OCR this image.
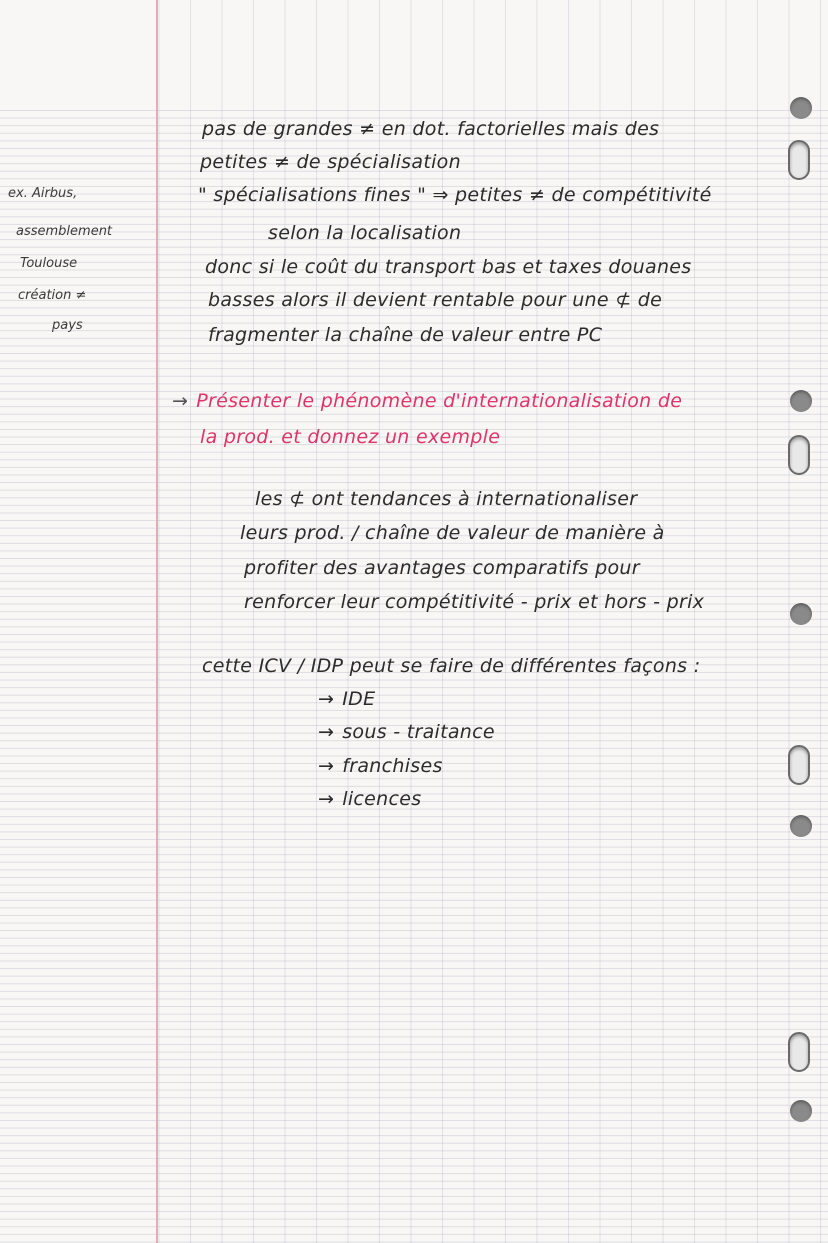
ex. Airbus,
assemblement
Toulouse
création ≠
pays
pas de grandes ≠ en dot. factorielles mais des
petites ≠ de spécialisation
" spécialisations fines " ⇒ petites ≠ de compétitivité
selon la localisation
donc si le coût du transport bas et taxes douanes
basses alors il devient rentable pour une ⊄ de
fragmenter la chaîne de valeur entre PC
→ Présenter le phénomène d'internationalisation de
la prod. et donnez un exemple
les ⊄ ont tendances à internationaliser
leurs prod. / chaîne de valeur de manière à
profiter des avantages comparatifs pour
renforcer leur compétitivité - prix et hors - prix
cette ICV / IDP peut se faire de différentes façons :
→ IDE
→ sous - traitance
→ franchises
→ licences
